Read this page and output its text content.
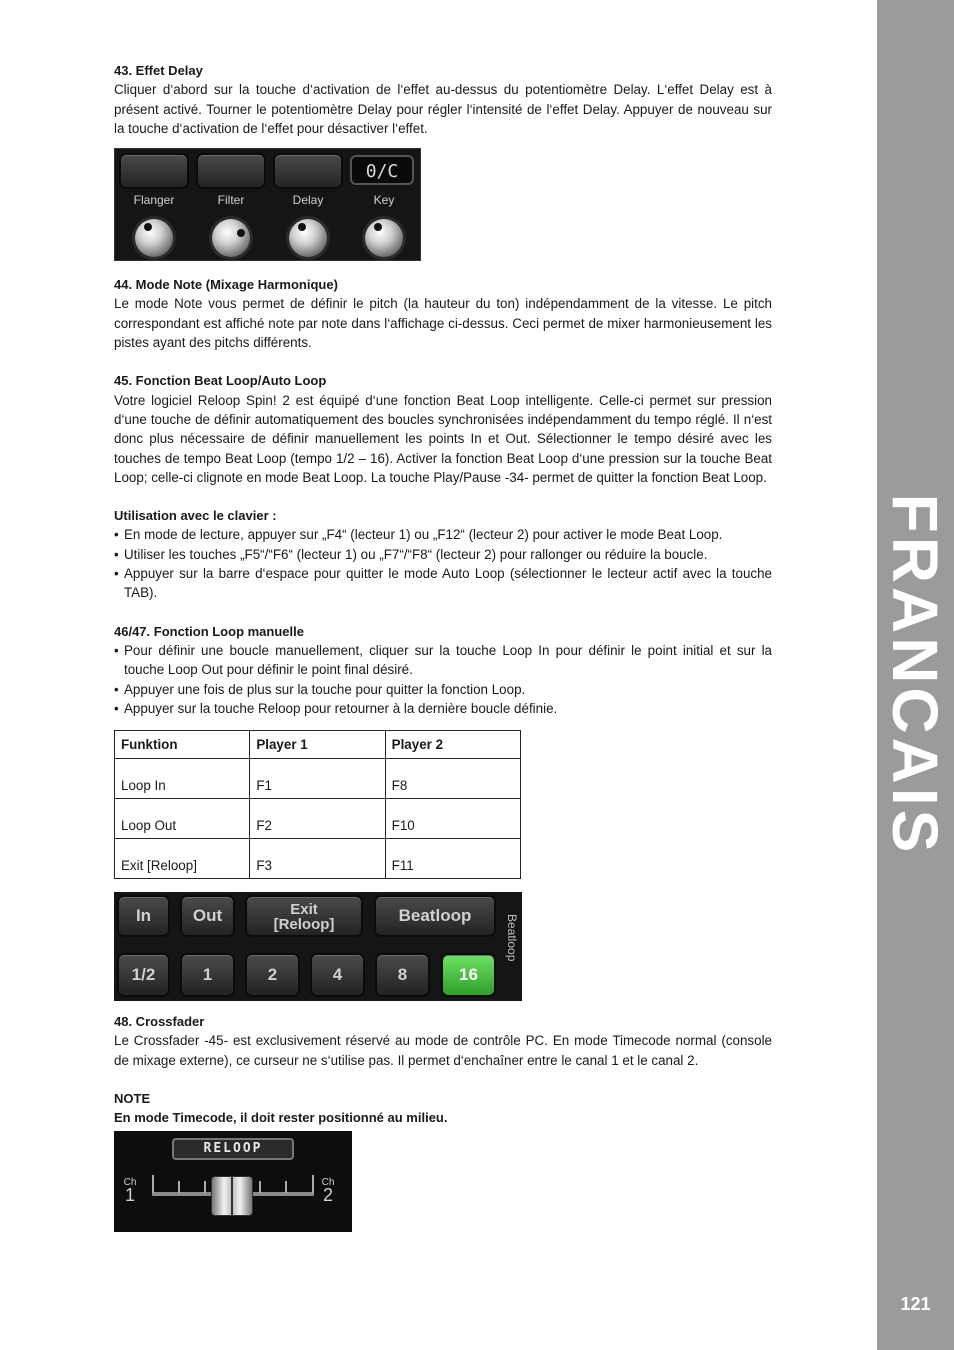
FRANCAIS
121
43. Effet Delay

Cliquer d‘abord sur la touche d‘activation de l‘effet au-dessus du potentiomètre Delay. L‘effet Delay est à présent activé. Tourner le potentiomètre Delay pour régler l‘intensité de l‘effet Delay. Appuyer de nouveau sur la touche d‘activation de l‘effet pour désactiver l‘effet.

0/C
Flanger	Filter	Delay	Key
44. Mode Note (Mixage Harmonique)

Le mode Note vous permet de définir le pitch (la hauteur du ton) indépendamment de la vitesse. Le pitch correspondant est affiché note par note dans l‘affichage ci-dessus. Ceci permet de mixer harmonieusement les pistes ayant des pitchs différents.

45. Fonction Beat Loop/Auto Loop

Votre logiciel Reloop Spin! 2 est équipé d‘une fonction Beat Loop intelligente. Celle-ci permet sur pression d‘une touche de définir automatiquement des boucles synchronisées indépendamment du tempo réglé. Il n‘est donc plus nécessaire de définir manuellement les points In et Out. Sélectionner le tempo désiré avec les touches de tempo Beat Loop (tempo 1/2 – 16). Activer la fonction Beat Loop d‘une pression sur la touche Beat Loop; celle-ci clignote en mode Beat Loop. La touche Play/Pause -34- permet de quitter la fonction Beat Loop.

Utilisation avec le clavier :
• En mode de lecture, appuyer sur „F4“ (lecteur 1) ou „F12“ (lecteur 2) pour activer le mode Beat Loop.
• Utiliser les touches „F5“/“F6“ (lecteur 1) ou „F7“/“F8“ (lecteur 2) pour rallonger ou réduire la boucle.
• Appuyer sur la barre d‘espace pour quitter le mode Auto Loop (sélectionner le lecteur actif avec la touche TAB).
46/47. Fonction Loop manuelle
• Pour définir une boucle manuellement, cliquer sur la touche Loop In pour définir le point initial et sur la touche Loop Out pour définir le point final désiré.
• Appuyer une fois de plus sur la touche pour quitter la fonction Loop.
• Appuyer sur la touche Reloop pour retourner à la dernière boucle définie.
Funktion	Player 1	Player 2
Loop In	F1	F8
Loop Out	F2	F10
Exit [Reloop]	F3	F11
In	Out	Exit
[Reloop]	Beatloop
1/2	1	2	4	8	16
Beatloop
48. Crossfader

Le Crossfader -45- est exclusivement réservé au mode de contrôle PC. En mode Timecode normal (console de mixage externe), ce curseur ne s‘utilise pas. Il permet d‘enchaîner entre le canal 1 et le canal 2.

NOTE
En mode Timecode, il doit rester positionné au milieu.
RELOOP
Ch
1
Ch
2
